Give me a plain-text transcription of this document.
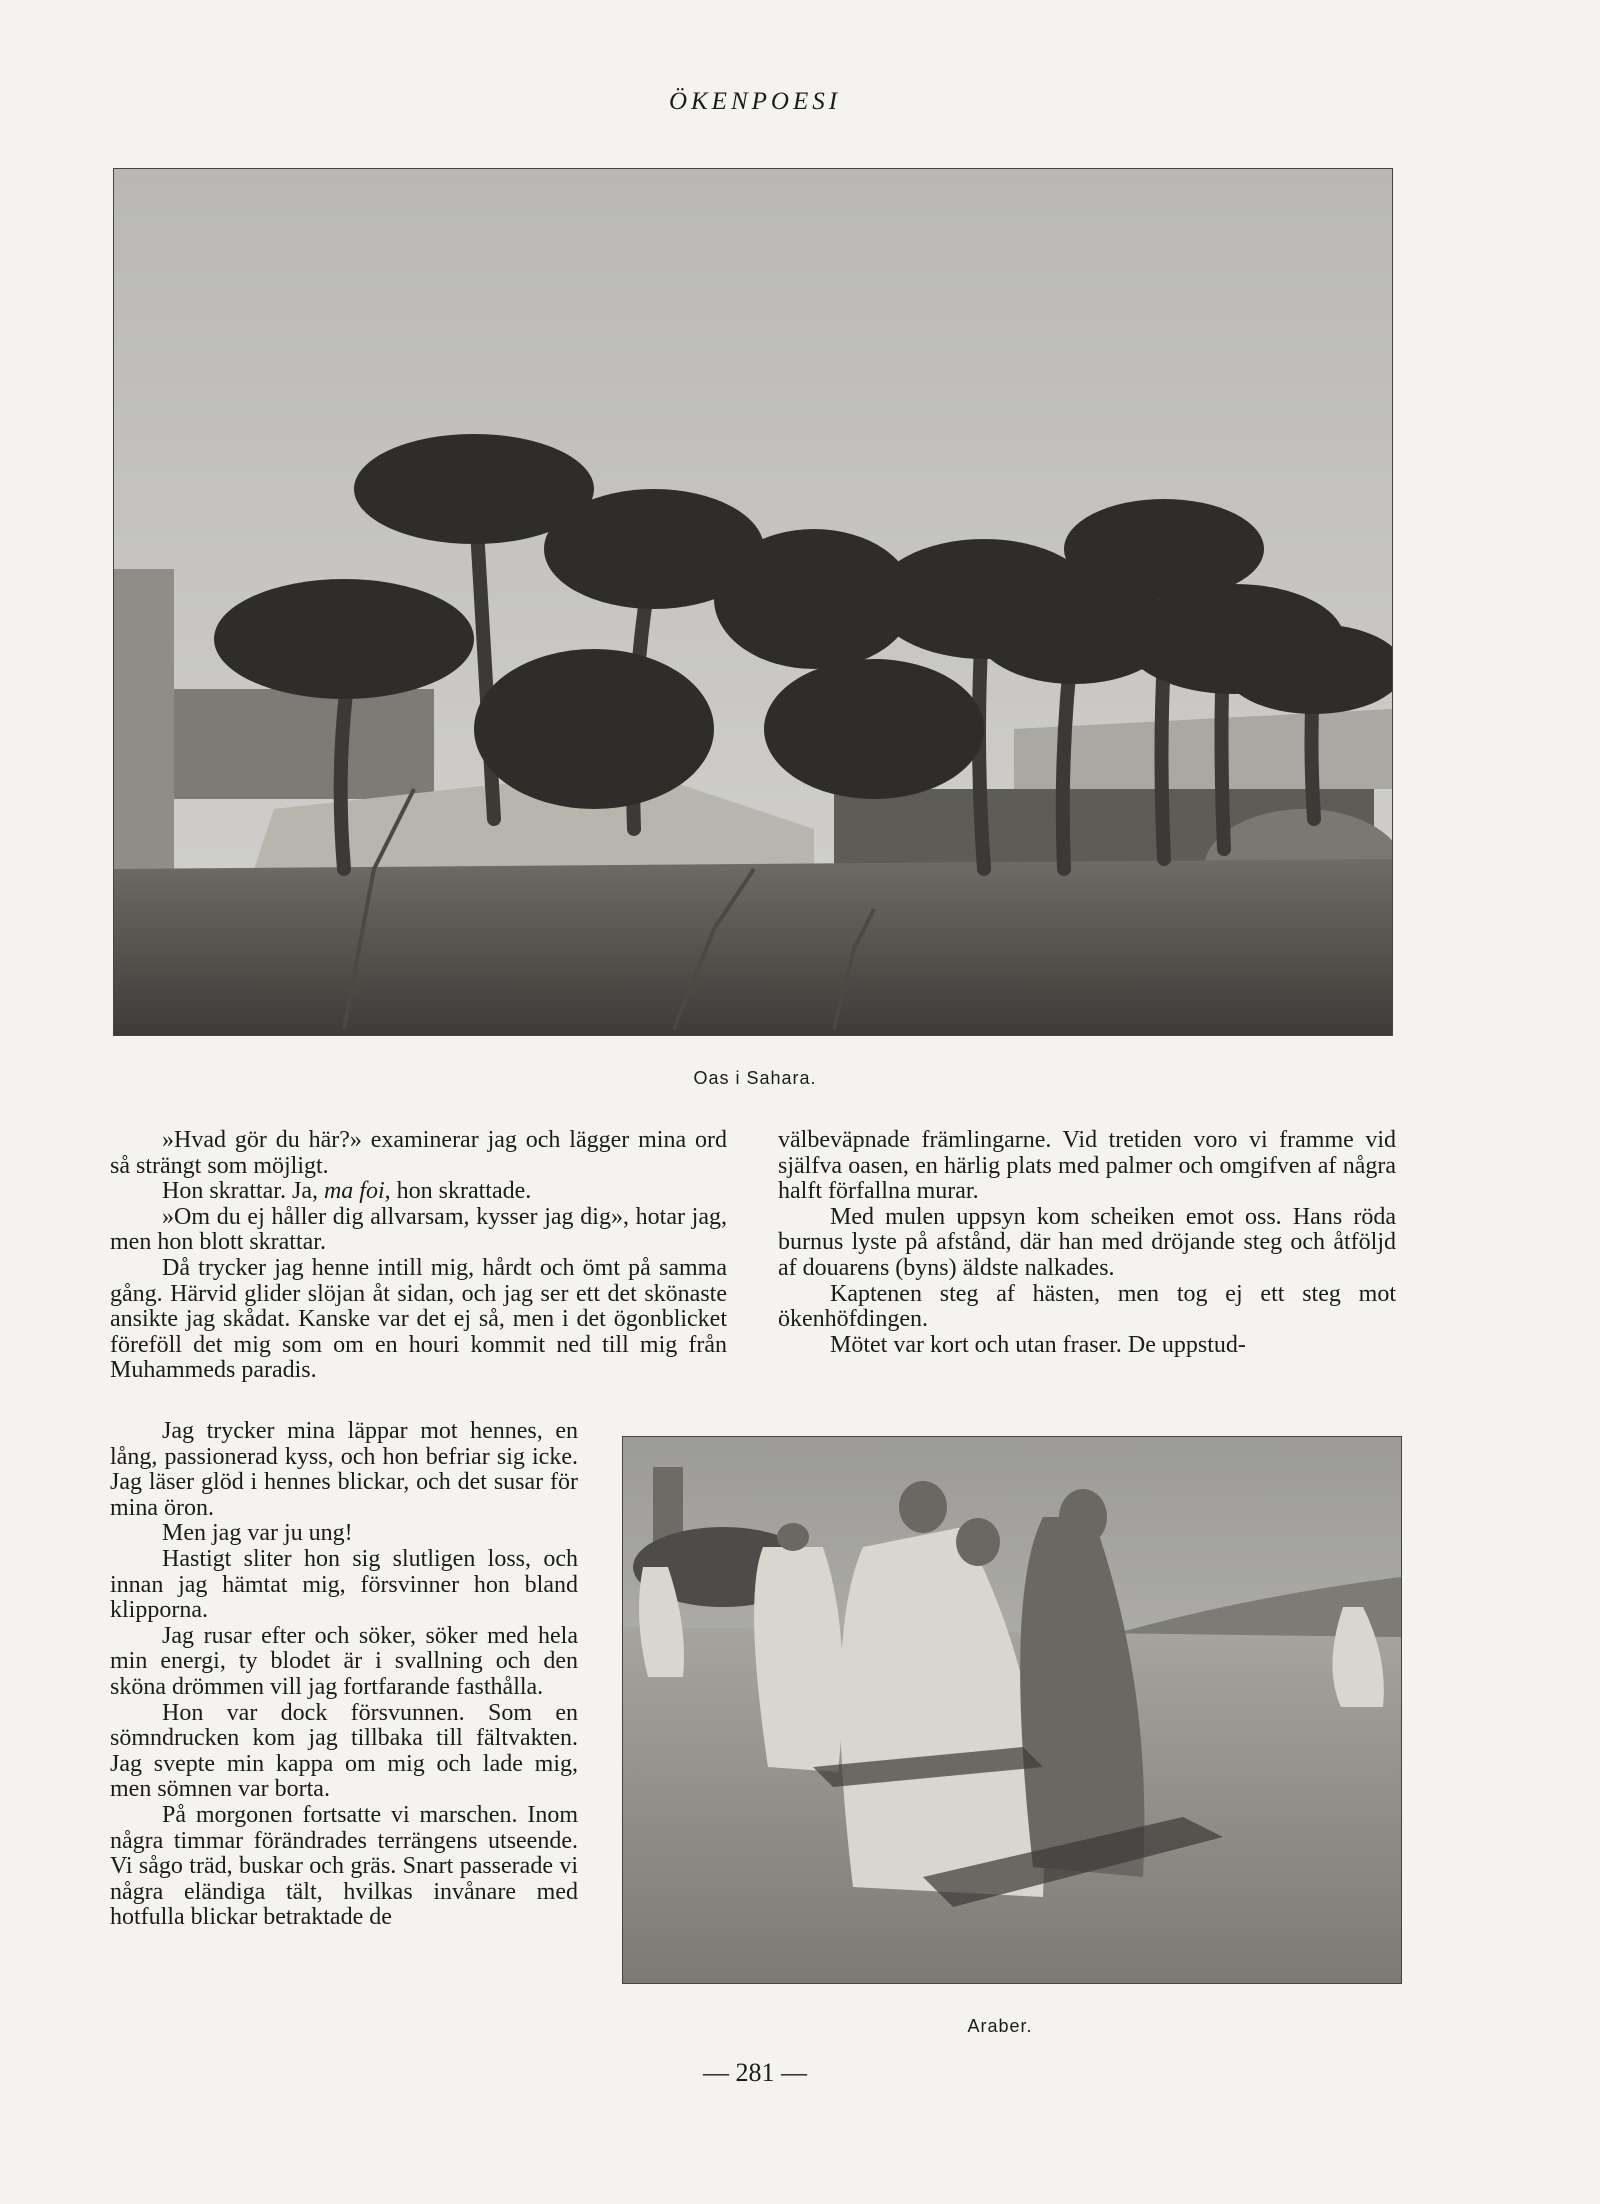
ÖKENPOESI
Oas i Sahara.

»Hvad gör du här?» examinerar jag och lägger mina ord så strängt som möjligt.

Hon skrattar. Ja, ma foi, hon skrattade.

»Om du ej håller dig allvarsam, kysser jag dig», hotar jag, men hon blott skrattar.

Då trycker jag henne intill mig, hårdt och ömt på samma gång. Härvid glider slöjan åt sidan, och jag ser ett det skönaste ansikte jag skådat. Kanske var det ej så, men i det ögonblicket föreföll det mig som om en houri kommit ned till mig från Muhammeds paradis.

Jag trycker mina läppar mot hennes, en lång, passionerad kyss, och hon befriar sig icke. Jag läser glöd i hennes blickar, och det susar för mina öron.

Men jag var ju ung!

Hastigt sliter hon sig slutligen loss, och innan jag hämtat mig, försvinner hon bland klipporna.

Jag rusar efter och söker, söker med hela min energi, ty blodet är i svallning och den sköna drömmen vill jag fortfarande fasthålla.

Hon var dock försvunnen. Som en sömndrucken kom jag tillbaka till fältvakten. Jag svepte min kappa om mig och lade mig, men sömnen var borta.

På morgonen fortsatte vi marschen. Inom några timmar förändrades terrängens utseende. Vi sågo träd, buskar och gräs. Snart passerade vi några eländiga tält, hvilkas invånare med hotfulla blickar betraktade de

välbeväpnade främlingarne. Vid tretiden voro vi framme vid själfva oasen, en härlig plats med palmer och omgifven af några halft förfallna murar.

Med mulen uppsyn kom scheiken emot oss. Hans röda burnus lyste på afstånd, där han med dröjande steg och åtföljd af douarens (byns) äldste nalkades.

Kaptenen steg af hästen, men tog ej ett steg mot ökenhöfdingen.

Mötet var kort och utan fraser. De uppstud-

Araber.
— 281 —
